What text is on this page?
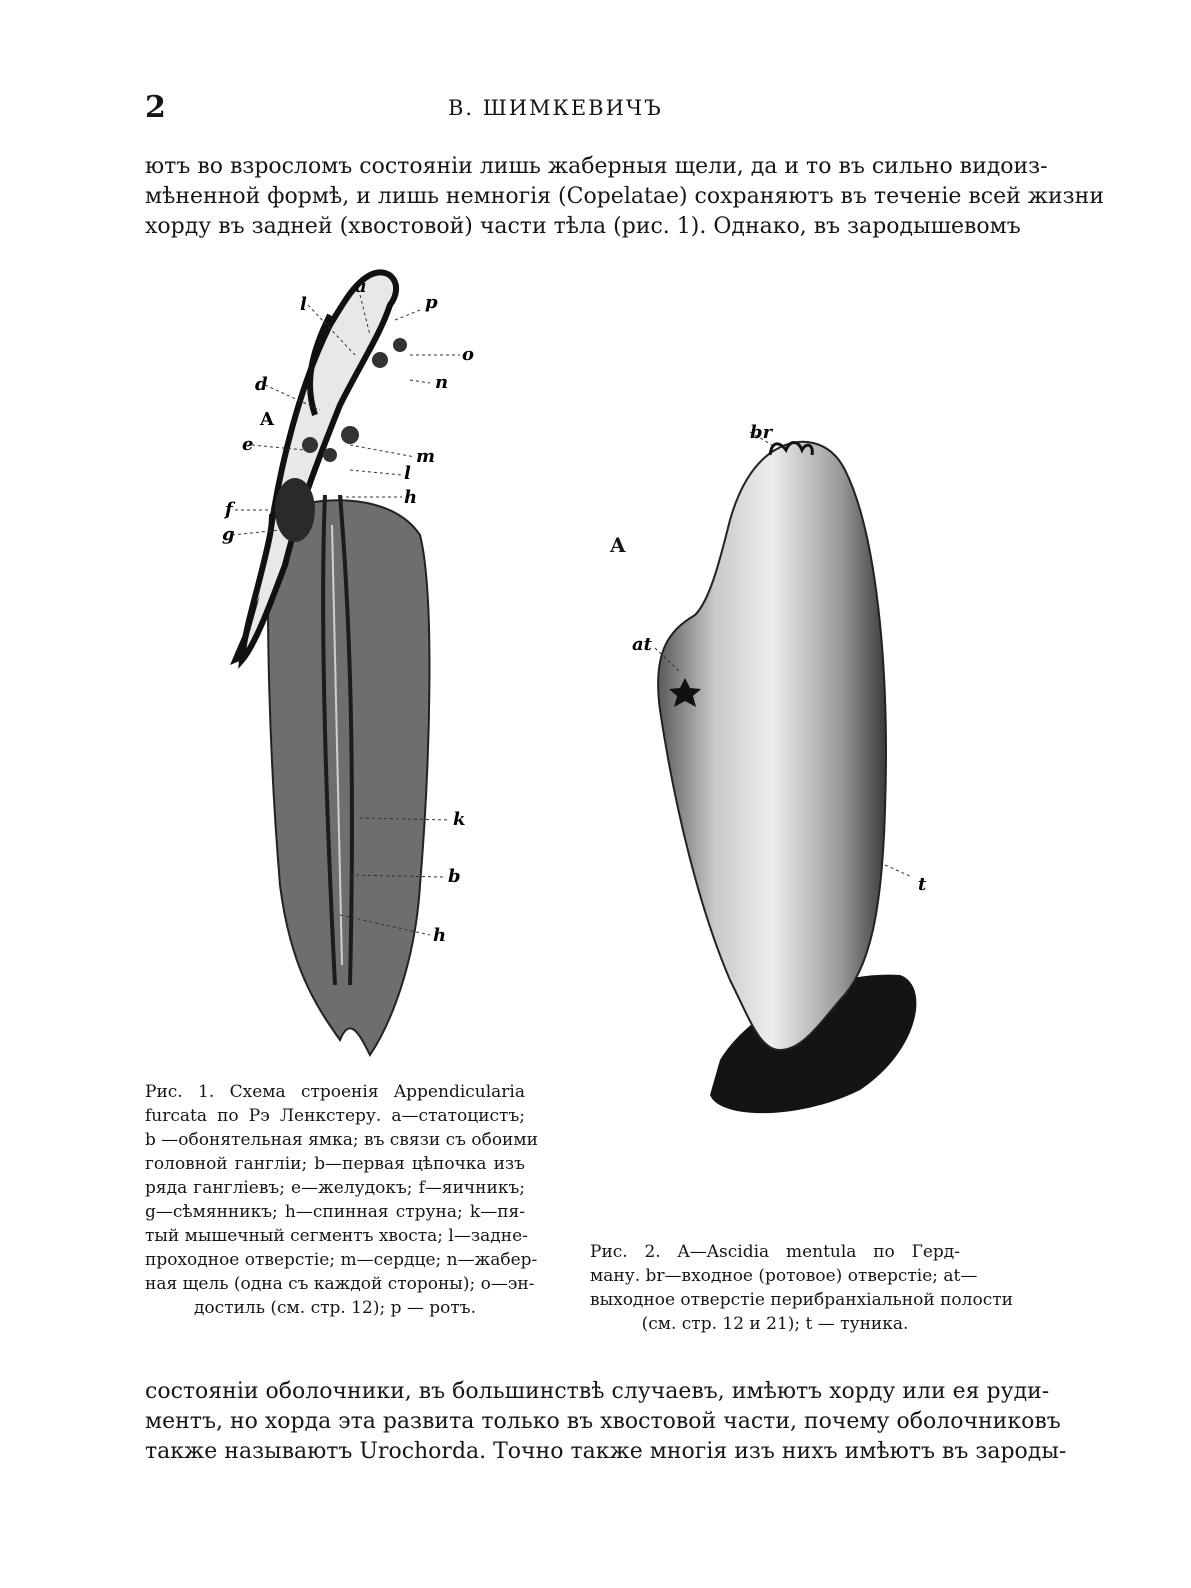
2	В. ШИМКЕВИЧЪ
ютъ во взросломъ состоянiи лишь жаберныя щели, да и то въ сильно видоиз-
мѣненной формѣ, и лишь немногiя (Copelatae) сохраняютъ въ теченiе всей жизни
хорду въ задней (хвостовой) части тѣла (рис. 1). Однако, въ зародышевомъ
l
a
p
o
n
d
e
m
l
h
f
g
k
b
h
A
Рис. 1. Схема строенiя Appendicularia
furcata по Рэ Ленкстеру. а—статоцистъ;
b —обонятельная ямка; въ связи съ обоими
головной гангліи; b—первая цѣпочка изъ
ряда гангліевъ; е—желудокъ; f—яичникъ;
g—сѣмянникъ; h—спинная струна; k—пя-
тый мышечный сегментъ хвоста; l—задне-
проходное отверстiе; m—сердце; n—жабер-
ная щель (одна съ каждой стороны); о—эн-
достиль (см. стр. 12); р — ротъ.
br
at
t
A
Рис. 2. A—Ascidia mentula по Герд-
ману. br—входное (ротовое) отверстiе; at—
выходное отверстiе перибранхiальной полости
(см. стр. 12 и 21); t — туника.
состоянiи оболочники, въ большинствѣ случаевъ, имѣютъ хорду или ея руди-
ментъ, но хорда эта развита только въ хвостовой части, почему оболочниковъ
также называютъ Urochorda. Точно также многiя изъ нихъ имѣютъ въ зароды-
